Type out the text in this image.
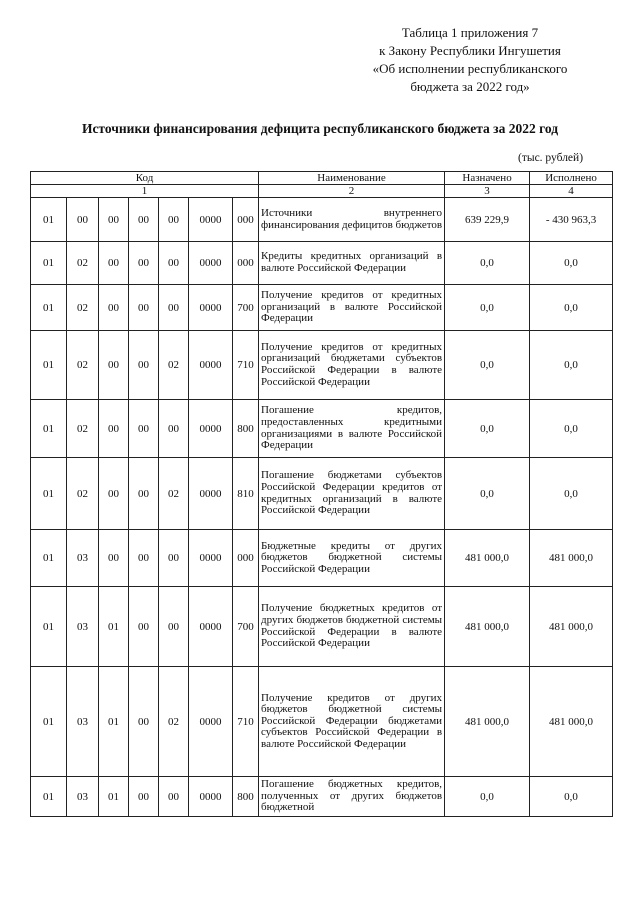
Таблица 1 приложения 7
к Закону Республики Ингушетия
«Об исполнении республиканского
бюджета за 2022 год»
Источники финансирования дефицита республиканского бюджета за 2022 год
(тыс. рублей)
Код							Наименование	Назначено	Исполнено
1							2	3	4
01	00	00	00	00	0000	000	Источники внутреннего финансирования дефицитов бюджетов	639 229,9	- 430 963,3
01	02	00	00	00	0000	000	Кредиты кредитных организаций в валюте Российской Федерации	0,0	0,0
01	02	00	00	00	0000	700	Получение кредитов от кредитных организаций в валюте Российской Федерации	0,0	0,0
01	02	00	00	02	0000	710	Получение кредитов от кредитных организаций бюджетами субъектов Российской Федерации в валюте Российской Федерации	0,0	0,0
01	02	00	00	00	0000	800	Погашение кредитов, предоставленных кредитными организациями в валюте Российской Федерации	0,0	0,0
01	02	00	00	02	0000	810	Погашение бюджетами субъектов Российской Федерации кредитов от кредитных организаций в валюте Российской Федерации	0,0	0,0
01	03	00	00	00	0000	000	Бюджетные кредиты от других бюджетов бюджетной системы Российской Федерации	481 000,0	481 000,0
01	03	01	00	00	0000	700	Получение бюджетных кредитов от других бюджетов бюджетной системы Российской Федерации в валюте Российской Федерации	481 000,0	481 000,0
01	03	01	00	02	0000	710	Получение кредитов от других бюджетов бюджетной системы Российской Федерации бюджетами субъектов Российской Федерации в валюте Российской Федерации	481 000,0	481 000,0
01	03	01	00	00	0000	800	Погашение бюджетных кредитов, полученных от других бюджетов бюджетной	0,0	0,0
